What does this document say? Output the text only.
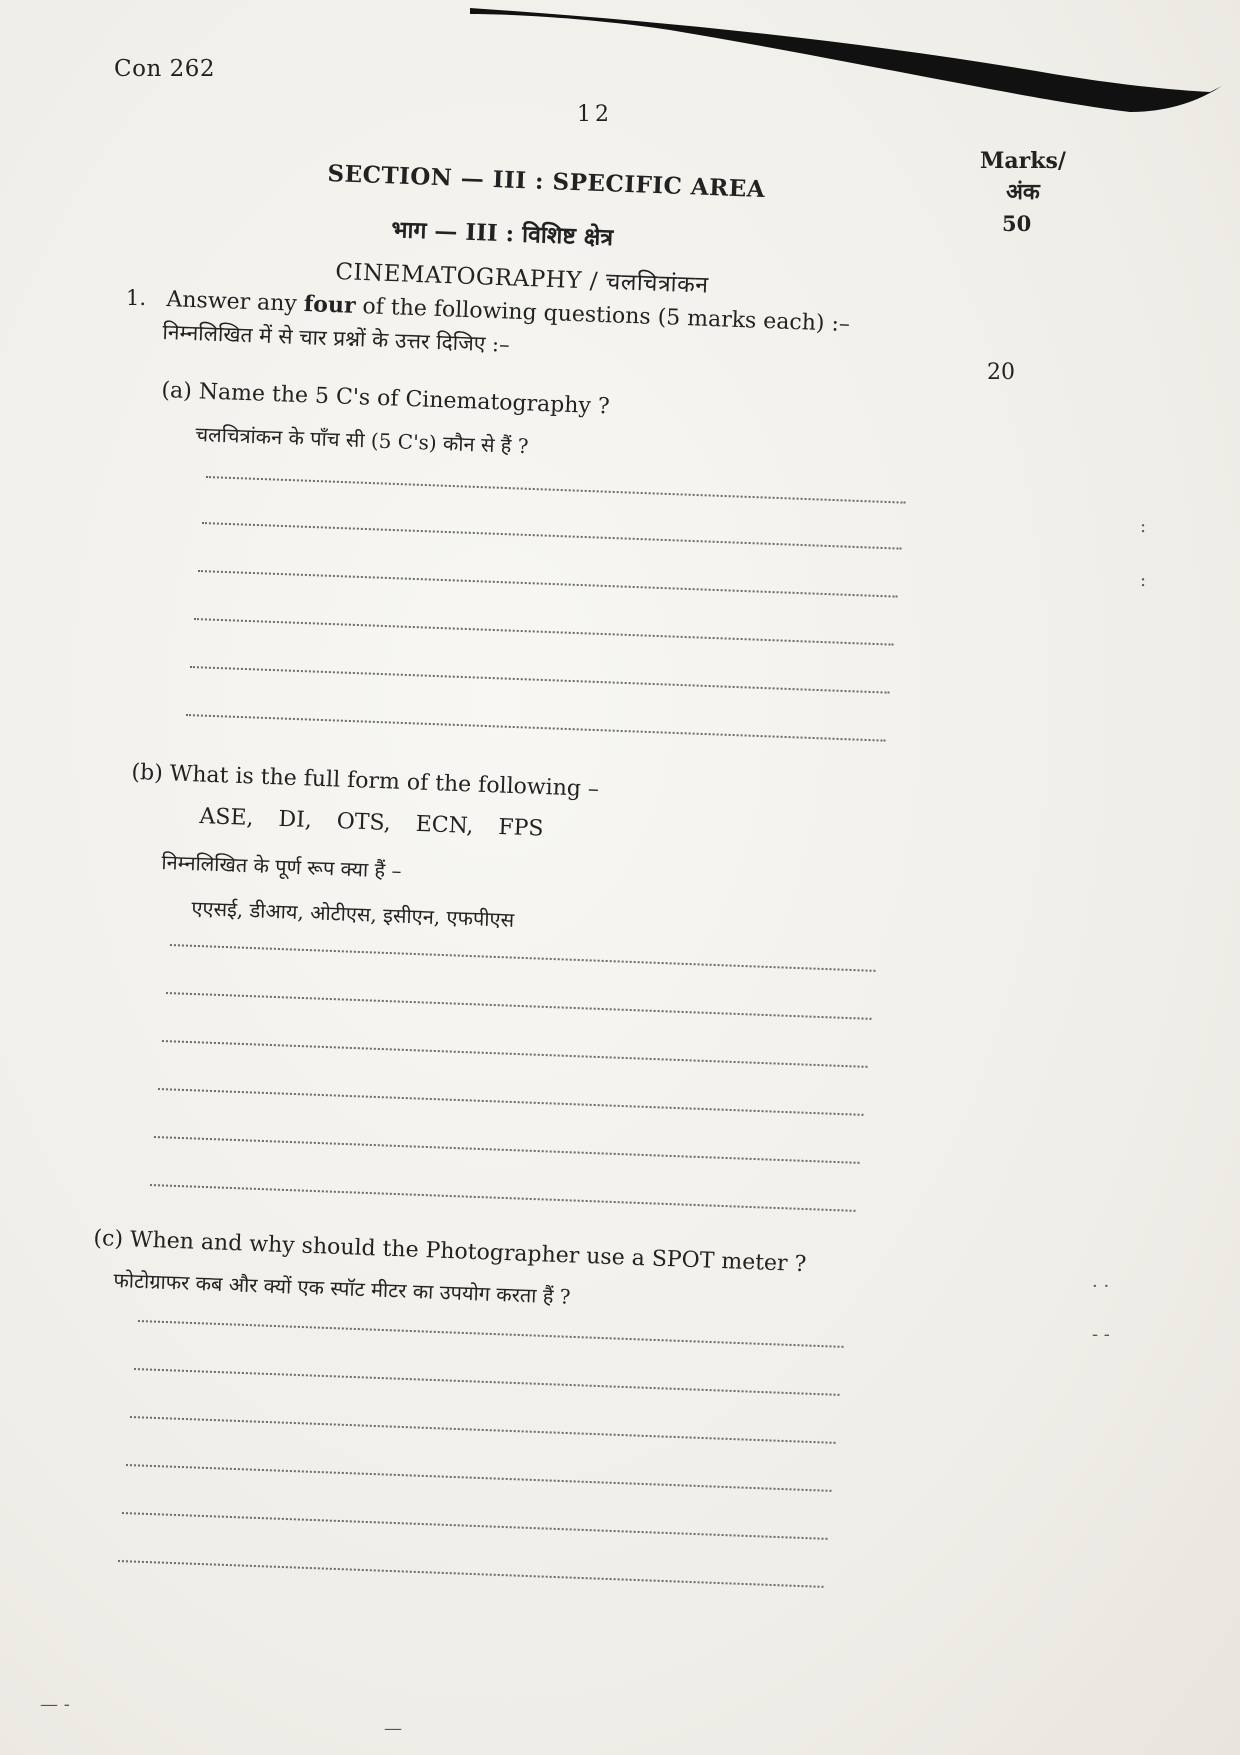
Con 262
12
Marks/
अंक
50
SECTION — III : SPECIFIC AREA
भाग — III : विशिष्ट क्षेत्र
CINEMATOGRAPHY / चलचित्रांकन
1. Answer any four of the following questions (5 marks each) :–
निम्नलिखित में से चार प्रश्नों के उत्तर दिजिए :–
20
(a) Name the 5 C's of Cinematography ?
चलचित्रांकन के पाँच सी (5 C's) कौन से हैं ?
(b) What is the full form of the following –
ASE, DI, OTS, ECN, FPS
निम्नलिखित के पूर्ण रूप क्या हैं –
एएसई, डीआय, ओटीएस, इसीएन, एफपीएस
(c) When and why should the Photographer use a SPOT meter ?
फोटोग्राफर कब और क्यों एक स्पॉट मीटर का उपयोग करता हैं ?
:
:
· ·
- -
— -
—
